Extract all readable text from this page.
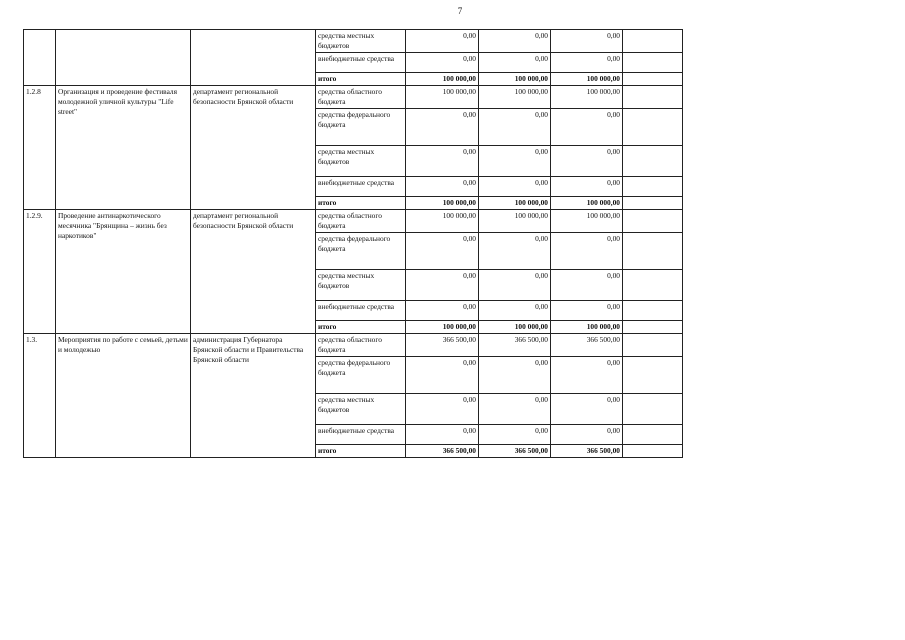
7
			средства местных бюджетов	0,00	0,00	0,00	
			внебюджетные средства	0,00	0,00	0,00	
			итого	100 000,00	100 000,00	100 000,00	
1.2.8	Организация и проведение фестиваля молодежной уличной культуры "Life street"	департамент региональной безопасности Брянской области	средства областного бюджета	100 000,00	100 000,00	100 000,00	
			средства федерального бюджета	0,00	0,00	0,00	
			средства местных бюджетов	0,00	0,00	0,00	
			внебюджетные средства	0,00	0,00	0,00	
			итого	100 000,00	100 000,00	100 000,00	
1.2.9.	Проведение антинаркотического месячника "Брянщина – жизнь без наркотиков"	департамент региональной безопасности Брянской области	средства областного бюджета	100 000,00	100 000,00	100 000,00	
			средства федерального бюджета	0,00	0,00	0,00	
			средства местных бюджетов	0,00	0,00	0,00	
			внебюджетные средства	0,00	0,00	0,00	
			итого	100 000,00	100 000,00	100 000,00	
1.3.	Мероприятия по работе с семьей, детьми и молодежью	администрация Губернатора Брянской области и Правительства Брянской области	средства областного бюджета	366 500,00	366 500,00	366 500,00	
			средства федерального бюджета	0,00	0,00	0,00	
			средства местных бюджетов	0,00	0,00	0,00	
			внебюджетные средства	0,00	0,00	0,00	
			итого	366 500,00	366 500,00	366 500,00	
